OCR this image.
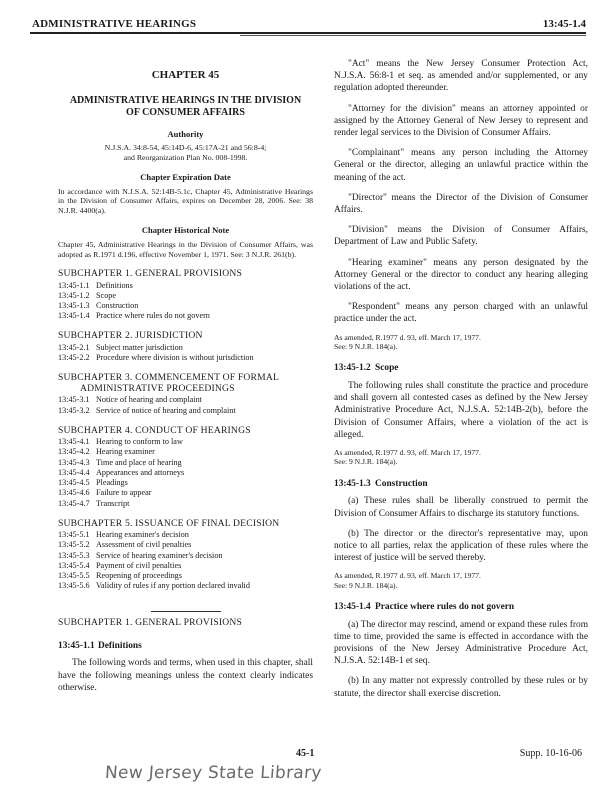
ADMINISTRATIVE HEARINGS	13:45-1.4
CHAPTER 45
ADMINISTRATIVE HEARINGS IN THE DIVISION
OF CONSUMER AFFAIRS
Authority
N.J.S.A. 34:8-54, 45:14D-6, 45:17A-21 and 56:8-4;
and Reorganization Plan No. 008-1998.
Chapter Expiration Date
In accordance with N.J.S.A. 52:14B-5.1c, Chapter 45, Administrative Hearings in the Division of Consumer Affairs, expires on December 28, 2006. See: 38 N.J.R. 4400(a).
Chapter Historical Note
Chapter 45, Administrative Hearings in the Division of Consumer Affairs, was adopted as R.1971 d.196, effective November 1, 1971. See: 3 N.J.R. 261(b).
SUBCHAPTER 1. GENERAL PROVISIONS
13:45-1.1 Definitions
13:45-1.2 Scope
13:45-1.3 Construction
13:45-1.4 Practice where rules do not govern
SUBCHAPTER 2. JURISDICTION
13:45-2.1 Subject matter jurisdiction
13:45-2.2 Procedure where division is without jurisdiction
SUBCHAPTER 3. COMMENCEMENT OF FORMAL
ADMINISTRATIVE PROCEEDINGS
13:45-3.1 Notice of hearing and complaint
13:45-3.2 Service of notice of hearing and complaint
SUBCHAPTER 4. CONDUCT OF HEARINGS
13:45-4.1 Hearing to conform to law
13:45-4.2 Hearing examiner
13:45-4.3 Time and place of hearing
13:45-4.4 Appearances and attorneys
13:45-4.5 Pleadings
13:45-4.6 Failure to appear
13:45-4.7 Transcript
SUBCHAPTER 5. ISSUANCE OF FINAL DECISION
13:45-5.1 Hearing examiner's decision
13:45-5.2 Assessment of civil penalties
13:45-5.3 Service of hearing examiner's decision
13:45-5.4 Payment of civil penalties
13:45-5.5 Reopening of proceedings
13:45-5.6 Validity of rules if any portion declared invalid
SUBCHAPTER 1. GENERAL PROVISIONS
13:45-1.1 Definitions

The following words and terms, when used in this chapter, shall have the following meanings unless the context clearly indicates otherwise.

"Act" means the New Jersey Consumer Protection Act, N.J.S.A. 56:8-1 et seq. as amended and/or supplemented, or any regulation adopted thereunder.

"Attorney for the division" means an attorney appointed or assigned by the Attorney General of New Jersey to represent and render legal services to the Division of Consumer Affairs.

"Complainant" means any person including the Attorney General or the director, alleging an unlawful practice within the meaning of the act.

"Director" means the Director of the Division of Consumer Affairs.

"Division" means the Division of Consumer Affairs, Department of Law and Public Safety.

"Hearing examiner" means any person designated by the Attorney General or the director to conduct any hearing alleging violations of the act.

"Respondent" means any person charged with an unlawful practice under the act.

As amended, R.1977 d. 93, eff. March 17, 1977.
See: 9 N.J.R. 184(a).
13:45-1.2 Scope

The following rules shall constitute the practice and procedure and shall govern all contested cases as defined by the New Jersey Administrative Procedure Act, N.J.S.A. 52:14B-2(b), before the Division of Consumer Affairs, where a violation of the act is alleged.

As amended, R.1977 d. 93, eff. March 17, 1977.
See: 9 N.J.R. 184(a).
13:45-1.3 Construction

(a) These rules shall be liberally construed to permit the Division of Consumer Affairs to discharge its statutory functions.

(b) The director or the director's representative may, upon notice to all parties, relax the application of these rules where the interest of justice will be served thereby.

As amended, R.1977 d. 93, eff. March 17, 1977.
See: 9 N.J.R. 184(a).
13:45-1.4 Practice where rules do not govern

(a) The director may rescind, amend or expand these rules from time to time, provided the same is effected in accordance with the provisions of the New Jersey Administrative Procedure Act, N.J.S.A. 52:14B-1 et seq.

(b) In any matter not expressly controlled by these rules or by statute, the director shall exercise discretion.

45-1	Supp. 10-16-06
New Jersey State Library
